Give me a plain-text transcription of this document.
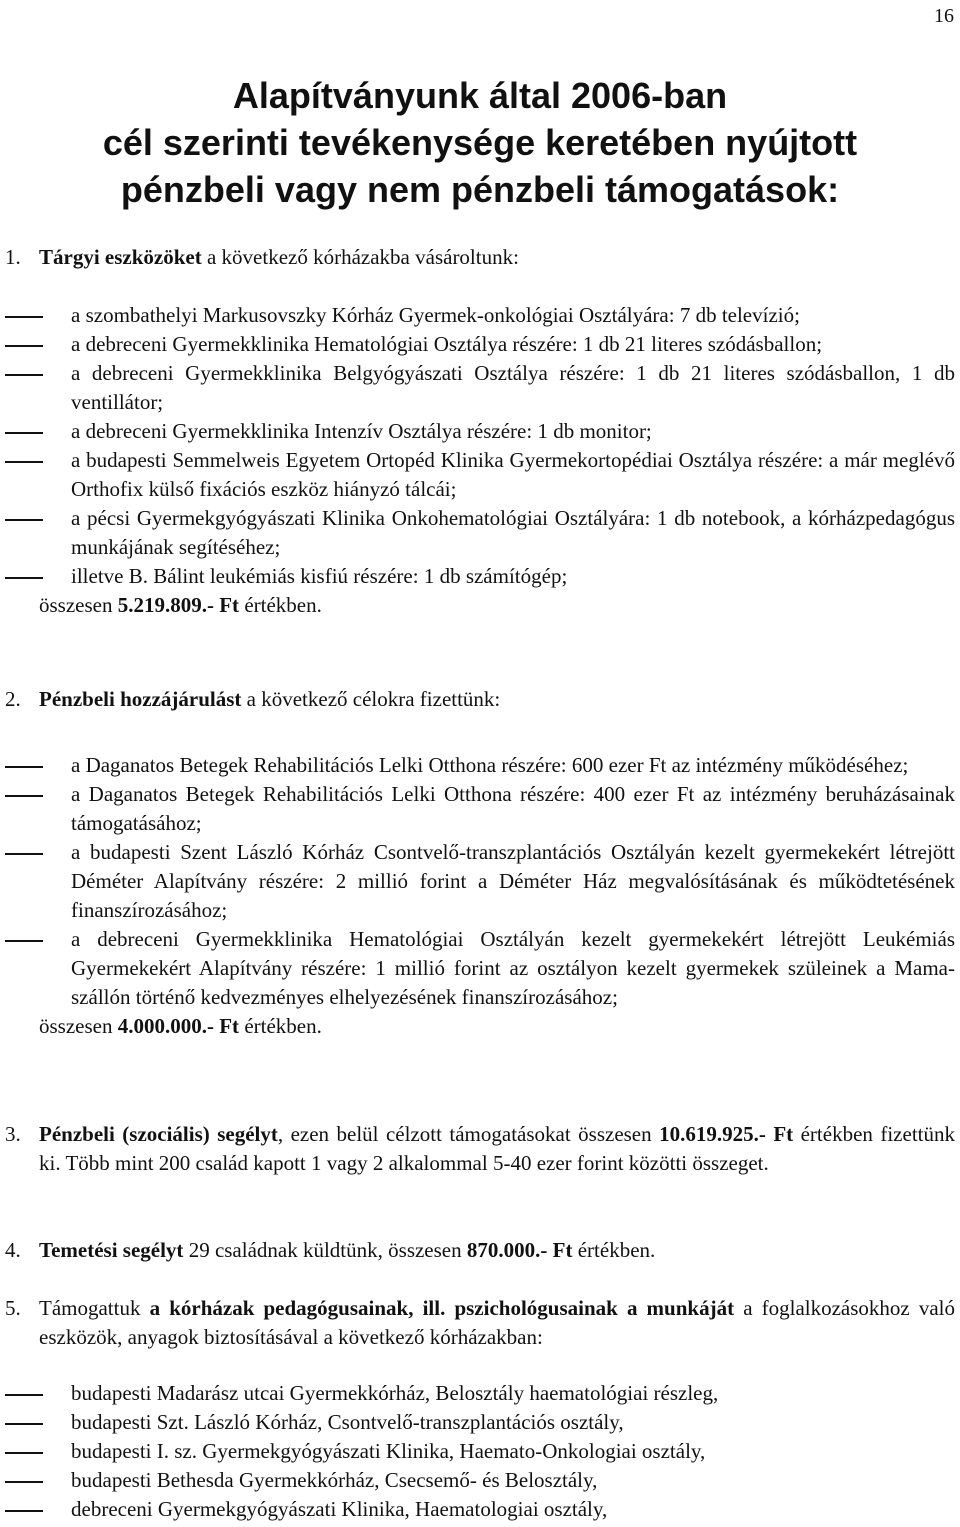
16
Alapítványunk által 2006-ban
cél szerinti tevékenysége keretében nyújtott
pénzbeli vagy nem pénzbeli támogatások:
1. Tárgyi eszközöket a következő kórházakba vásároltunk:
a szombathelyi Markusovszky Kórház Gyermek-onkológiai Osztályára: 7 db televízió;
a debreceni Gyermekklinika Hematológiai Osztálya részére: 1 db 21 literes szódásballon;
a debreceni Gyermekklinika Belgyógyászati Osztálya részére: 1 db 21 literes szódásballon, 1 db ventillátor;
a debreceni Gyermekklinika Intenzív Osztálya részére: 1 db monitor;
a budapesti Semmelweis Egyetem Ortopéd Klinika Gyermekortopédiai Osztálya részére: a már meglévő Orthofix külső fixációs eszköz hiányzó tálcái;
a pécsi Gyermekgyógyászati Klinika Onkohematológiai Osztályára: 1 db notebook, a kórházpedagógus munkájának segítéséhez;
illetve B. Bálint leukémiás kisfiú részére: 1 db számítógép;
összesen 5.219.809.- Ft értékben.
2. Pénzbeli hozzájárulást a következő célokra fizettünk:
a Daganatos Betegek Rehabilitációs Lelki Otthona részére: 600 ezer Ft az intézmény működéséhez;
a Daganatos Betegek Rehabilitációs Lelki Otthona részére: 400 ezer Ft az intézmény beruházásainak támogatásához;
a budapesti Szent László Kórház Csontvelő-transzplantációs Osztályán kezelt gyermekekért létrejött Déméter Alapítvány részére: 2 millió forint a Déméter Ház megvalósításának és működtetésének finanszírozásához;
a debreceni Gyermekklinika Hematológiai Osztályán kezelt gyermekekért létrejött Leukémiás Gyermekekért Alapítvány részére: 1 millió forint az osztályon kezelt gyermekek szüleinek a Mama-szállón történő kedvezményes elhelyezésének finanszírozásához;
összesen 4.000.000.- Ft értékben.
3. Pénzbeli (szociális) segélyt, ezen belül célzott támogatásokat összesen 10.619.925.- Ft értékben fizettünk ki. Több mint 200 család kapott 1 vagy 2 alkalommal 5-40 ezer forint közötti összeget.
4. Temetési segélyt 29 családnak küldtünk, összesen 870.000.- Ft értékben.
5. Támogattuk a kórházak pedagógusainak, ill. pszichológusainak a munkáját a foglalkozásokhoz való eszközök, anyagok biztosításával a következő kórházakban:
budapesti Madarász utcai Gyermekkórház, Belosztály haematológiai részleg,
budapesti Szt. László Kórház, Csontvelő-transzplantációs osztály,
budapesti I. sz. Gyermekgyógyászati Klinika, Haemato-Onkologiai osztály,
budapesti Bethesda Gyermekkórház, Csecsemő- és Belosztály,
debreceni Gyermekgyógyászati Klinika, Haematologiai osztály,
